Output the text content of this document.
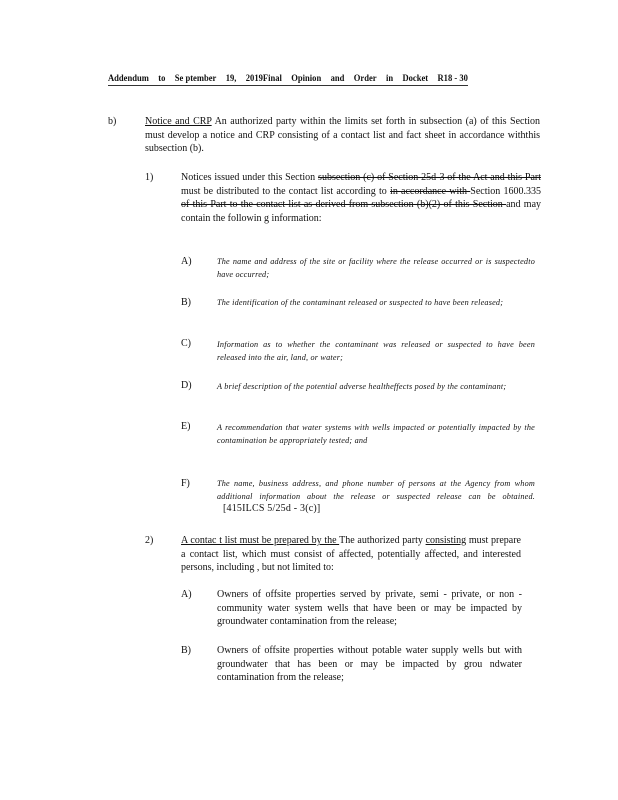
Addendum to Se ptember 19, 2019Final Opinion and Order in Docket R18 - 30
b)	Notice and CRP An authorized party within the limits set forth in subsection (a) of this Section must develop a notice and CRP consisting of a contact list and fact sheet in accordance withthis subsection (b).
1)	Notices issued under this Section subsection (c) of Section 25d-3 of the Act and this Part must be distributed to the contact list according to in accordance with Section 1600.335 of this Part to the contact list as derived from subsection (b)(2) of this Section and may contain the followin g information:
A)	The name and address of the site or facility where the release occurred or is suspectedto have occurred;
B)	The identification of the contaminant released or suspected to have been released;
C)	Information as to whether the contaminant was released or suspected to have been released into the air, land, or water;
D)	A brief description of the potential adverse healtheffects posed by the contaminant;
E)	A recommendation that water systems with wells impacted or potentially impacted by the contamination be appropriately tested; and
F)	The name, business address, and phone number of persons at the Agency from whom additional information about the release or suspected release can be obtained. [415ILCS 5/25d - 3(c)]
2)	A contac t list must be prepared by the The authorized party consisting must prepare a contact list, which must consist of affected, potentially affected, and interested persons, including , but not limited to:
A)	Owners of offsite properties served by private, semi - private, or non - community water system wells that have been or may be impacted by groundwater contamination from the release;
B)	Owners of offsite properties without potable water supply wells but with groundwater that has been or may be impacted by grou ndwater contamination from the release;
